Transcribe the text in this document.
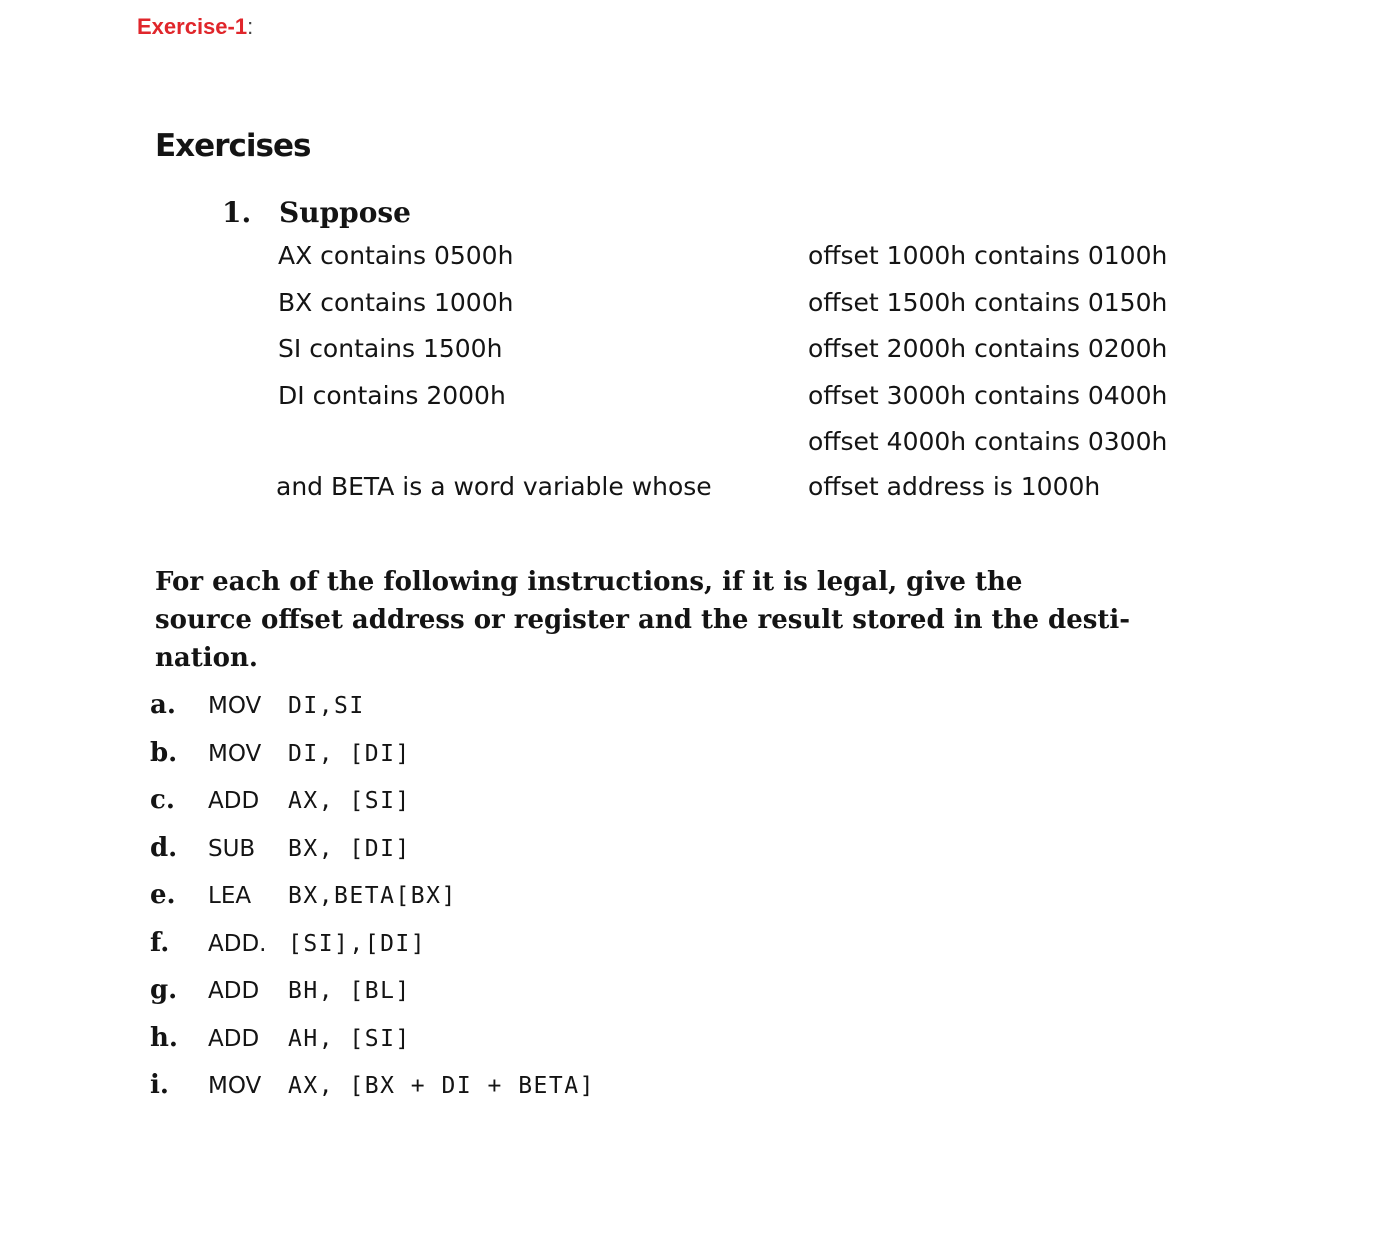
Exercise-1:
Exercises
1. Suppose
AX contains 0500h
BX contains 1000h
SI contains 1500h
DI contains 2000h
offset 1000h contains 0100h
offset 1500h contains 0150h
offset 2000h contains 0200h
offset 3000h contains 0400h
offset 4000h contains 0300h
and BETA is a word variable whose	offset address is 1000h
For each of the following instructions, if it is legal, give the
source offset address or register and the result stored in the desti-
nation.
a. MOV DI,SI
b. MOV DI, [DI]
c. ADD AX, [SI]
d. SUB BX, [DI]
e. LEA BX,BETA[BX]
f. ADD. [SI],[DI]
g. ADD BH, [BL]
h. ADD AH, [SI]
i. MOV AX, [BX + DI + BETA]
